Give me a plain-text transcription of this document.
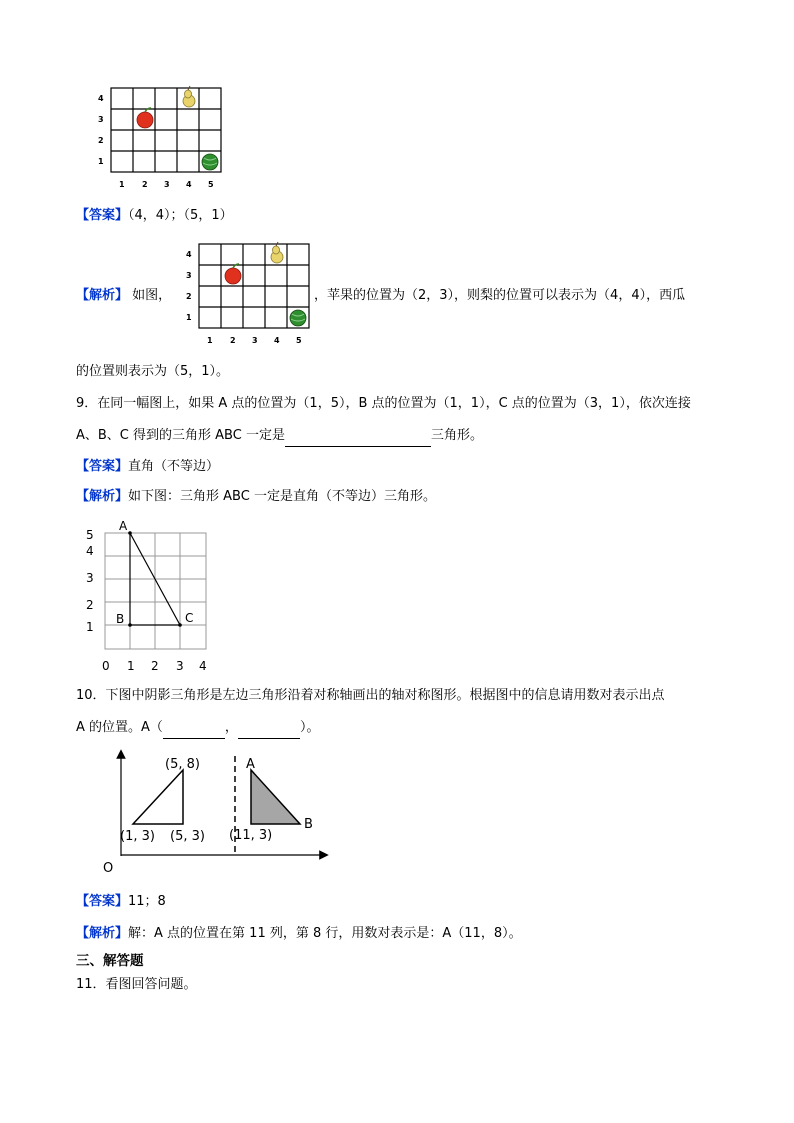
4
3
2
1
1 2 3 4 5
【答案】（4，4）；（5，1）
【解析】 如图，
4
3
2
1
1 2 3 4 5
，苹果的位置为（2，3），则梨的位置可以表示为（4，4），西瓜
的位置则表示为（5，1）。
9．在同一幅图上，如果 A 点的位置为（1，5），B 点的位置为（1，1），C 点的位置为（3，1），依次连接
A、B、C 得到的三角形 ABC 一定是	三角形。
【答案】直角（不等边）
【解析】如下图：三角形 ABC 一定是直角（不等边）三角形。
A
B	C
5
4
3
2
1
0 1 2 3 4
10．下图中阴影三角形是左边三角形沿着对称轴画出的轴对称图形。根据图中的信息请用数对表示出点
A 的位置。A（	，	）。
O
(5, 8)
(1, 3) (5, 3) (11, 3)
A
B
【答案】11；8
【解析】解：A 点的位置在第 11 列，第 8 行，用数对表示是：A（11，8）。
三、解答题
11．看图回答问题。
